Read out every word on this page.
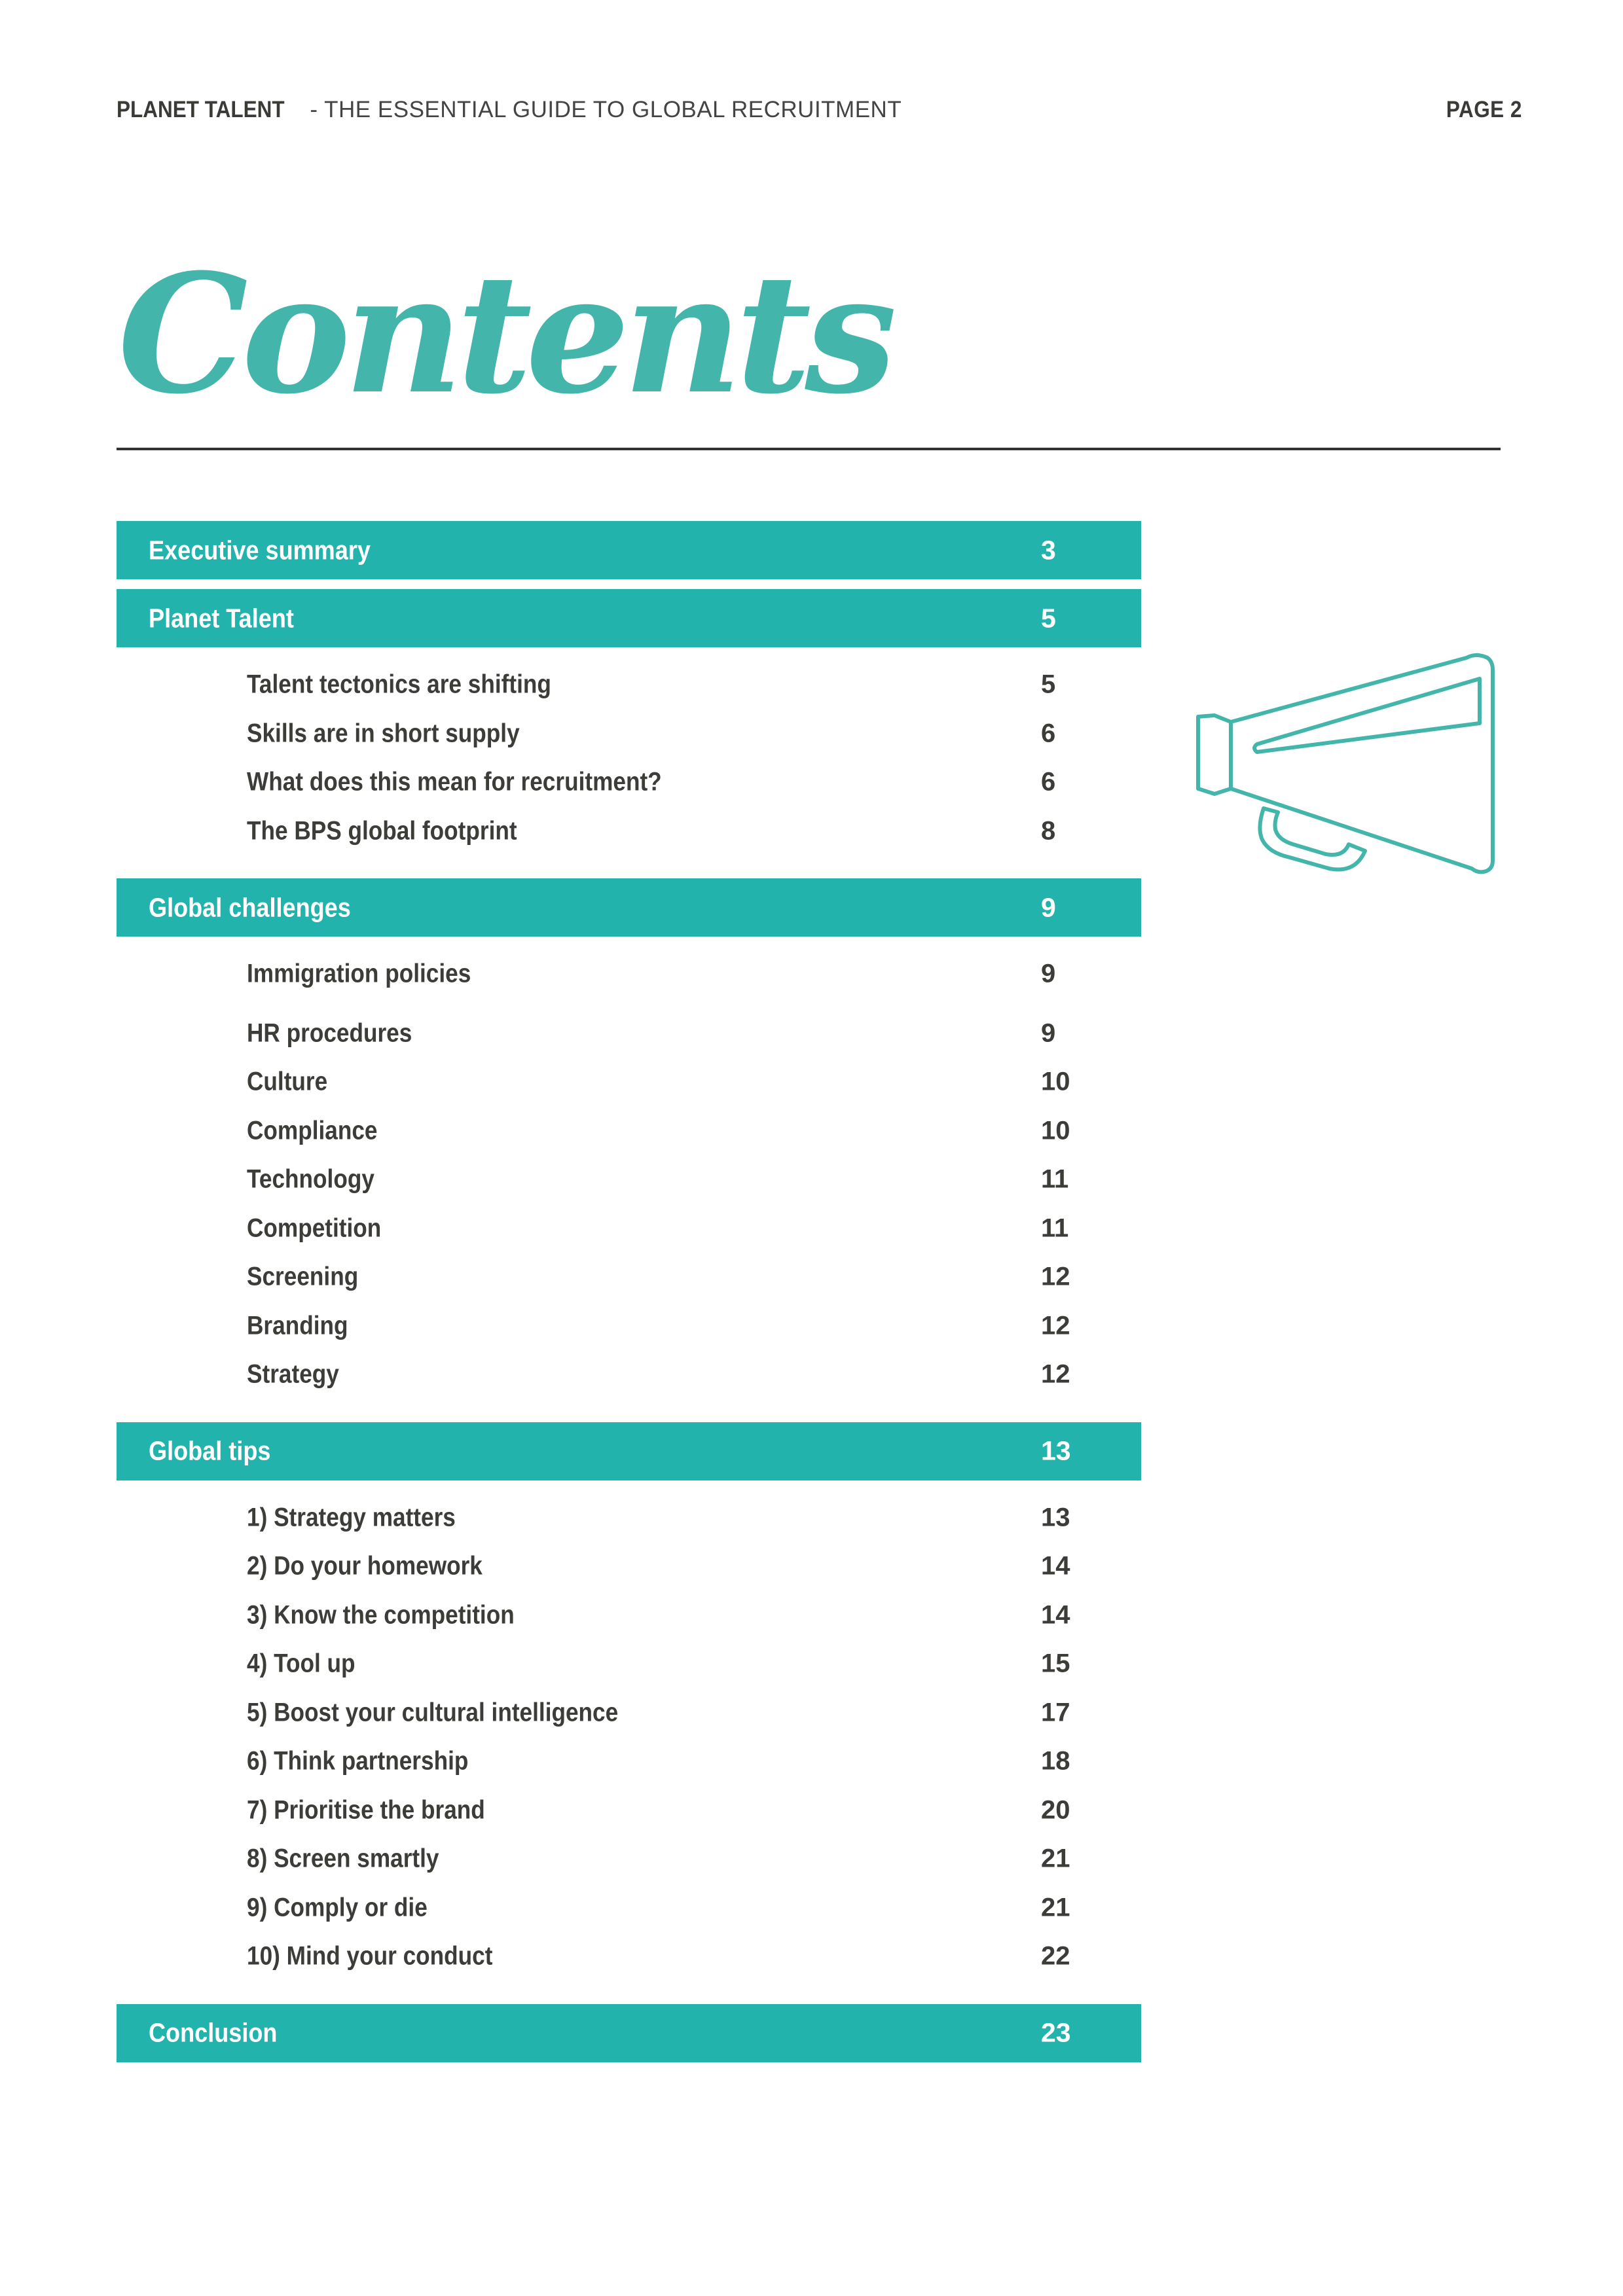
PLANET TALENT - THE ESSENTIAL GUIDE TO GLOBAL RECRUITMENT	PAGE 2
Contents
Executive summary	3
Planet Talent	5
Talent tectonics are shifting	5
Skills are in short supply	6
What does this mean for recruitment?	6
The BPS global footprint	8
Global challenges	9
Immigration policies	9
HR procedures	9
Culture	10
Compliance	10
Technology	11
Competition	11
Screening	12
Branding	12
Strategy	12
Global tips	13
1) Strategy matters	13
2) Do your homework	14
3) Know the competition	14
4) Tool up	15
5) Boost your cultural intelligence	17
6) Think partnership	18
7) Prioritise the brand	20
8) Screen smartly	21
9) Comply or die	21
10) Mind your conduct	22
Conclusion	23
